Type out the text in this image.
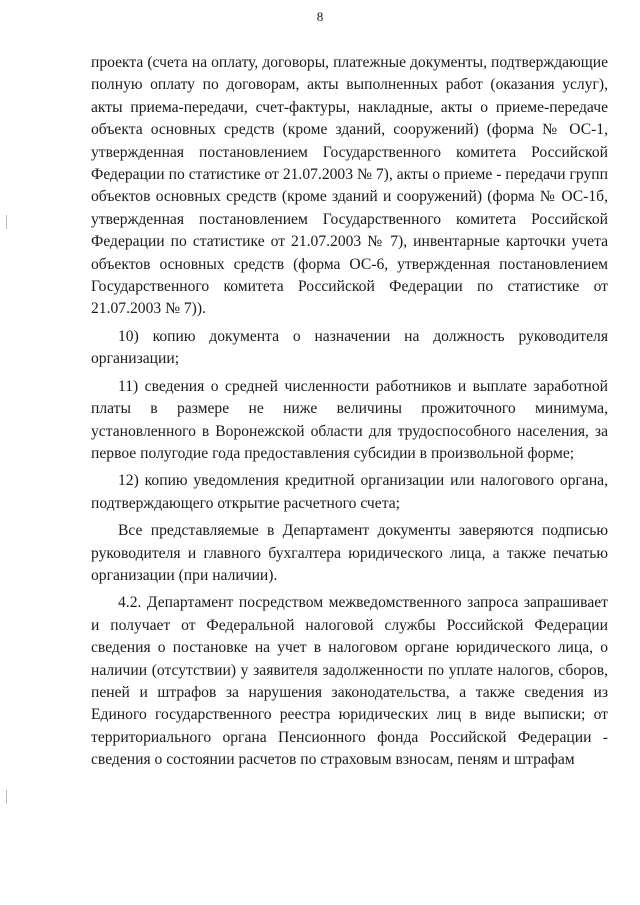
8

проекта (счета на оплату, договоры, платежные документы, подтверждающие полную оплату по договорам, акты выполненных работ (оказания услуг), акты приема-передачи, счет-фактуры, накладные, акты о приеме-передаче объекта основных средств (кроме зданий, сооружений) (форма № ОС-1, утвержденная постановлением Государственного комитета Российской Федерации по статистике от 21.07.2003 № 7), акты о приеме - передачи групп объектов основных средств (кроме зданий и сооружений) (форма № ОС-1б, утвержденная постановлением Государственного комитета Российской Федерации по статистике от 21.07.2003 № 7), инвентарные карточки учета объектов основных средств (форма ОС-6, утвержденная постановлением Государственного комитета Российской Федерации по статистике от 21.07.2003 № 7)).

10) копию документа о назначении на должность руководителя организации;

11) сведения о средней численности работников и выплате заработной платы в размере не ниже величины прожиточного минимума, установленного в Воронежской области для трудоспособного населения, за первое полугодие года предоставления субсидии в произвольной форме;

12) копию уведомления кредитной организации или налогового органа, подтверждающего открытие расчетного счета;

Все представляемые в Департамент документы заверяются подписью руководителя и главного бухгалтера юридического лица, а также печатью организации (при наличии).

4.2. Департамент посредством межведомственного запроса запрашивает и получает от Федеральной налоговой службы Российской Федерации сведения о постановке на учет в налоговом органе юридического лица, о наличии (отсутствии) у заявителя задолженности по уплате налогов, сборов, пеней и штрафов за нарушения законодательства, а также сведения из Единого государственного реестра юридических лиц в виде выписки; от территориального органа Пенсионного фонда Российской Федерации - сведения о состоянии расчетов по страховым взносам, пеням и штрафам
